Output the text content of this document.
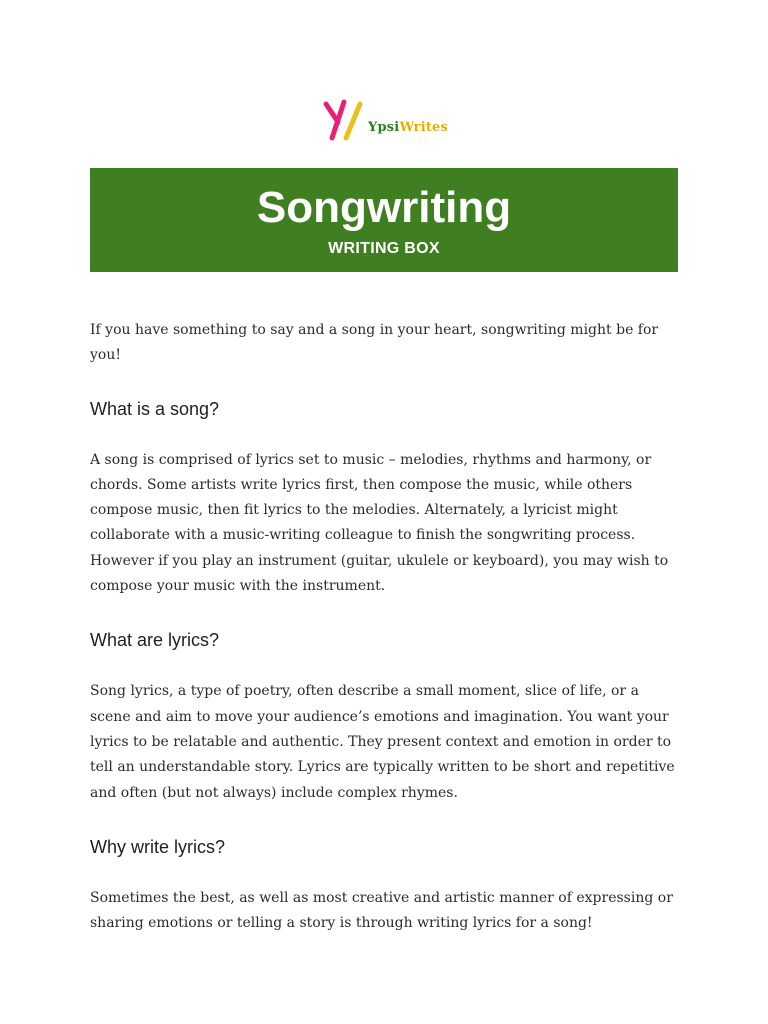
YpsiWrites
Songwriting
WRITING BOX

If you have something to say and a song in your heart, songwriting might be for you!

What is a song?

A song is comprised of lyrics set to music – melodies, rhythms and harmony, or chords. Some artists write lyrics first, then compose the music, while others compose music, then fit lyrics to the melodies. Alternately, a lyricist might collaborate with a music-writing colleague to finish the songwriting process. However if you play an instrument (guitar, ukulele or keyboard), you may wish to compose your music with the instrument.

What are lyrics?

Song lyrics, a type of poetry, often describe a small moment, slice of life, or a scene and aim to move your audience’s emotions and imagination. You want your lyrics to be relatable and authentic. They present context and emotion in order to tell an understandable story. Lyrics are typically written to be short and repetitive and often (but not always) include complex rhymes.

Why write lyrics?

Sometimes the best, as well as most creative and artistic manner of expressing or sharing emotions or telling a story is through writing lyrics for a song!
